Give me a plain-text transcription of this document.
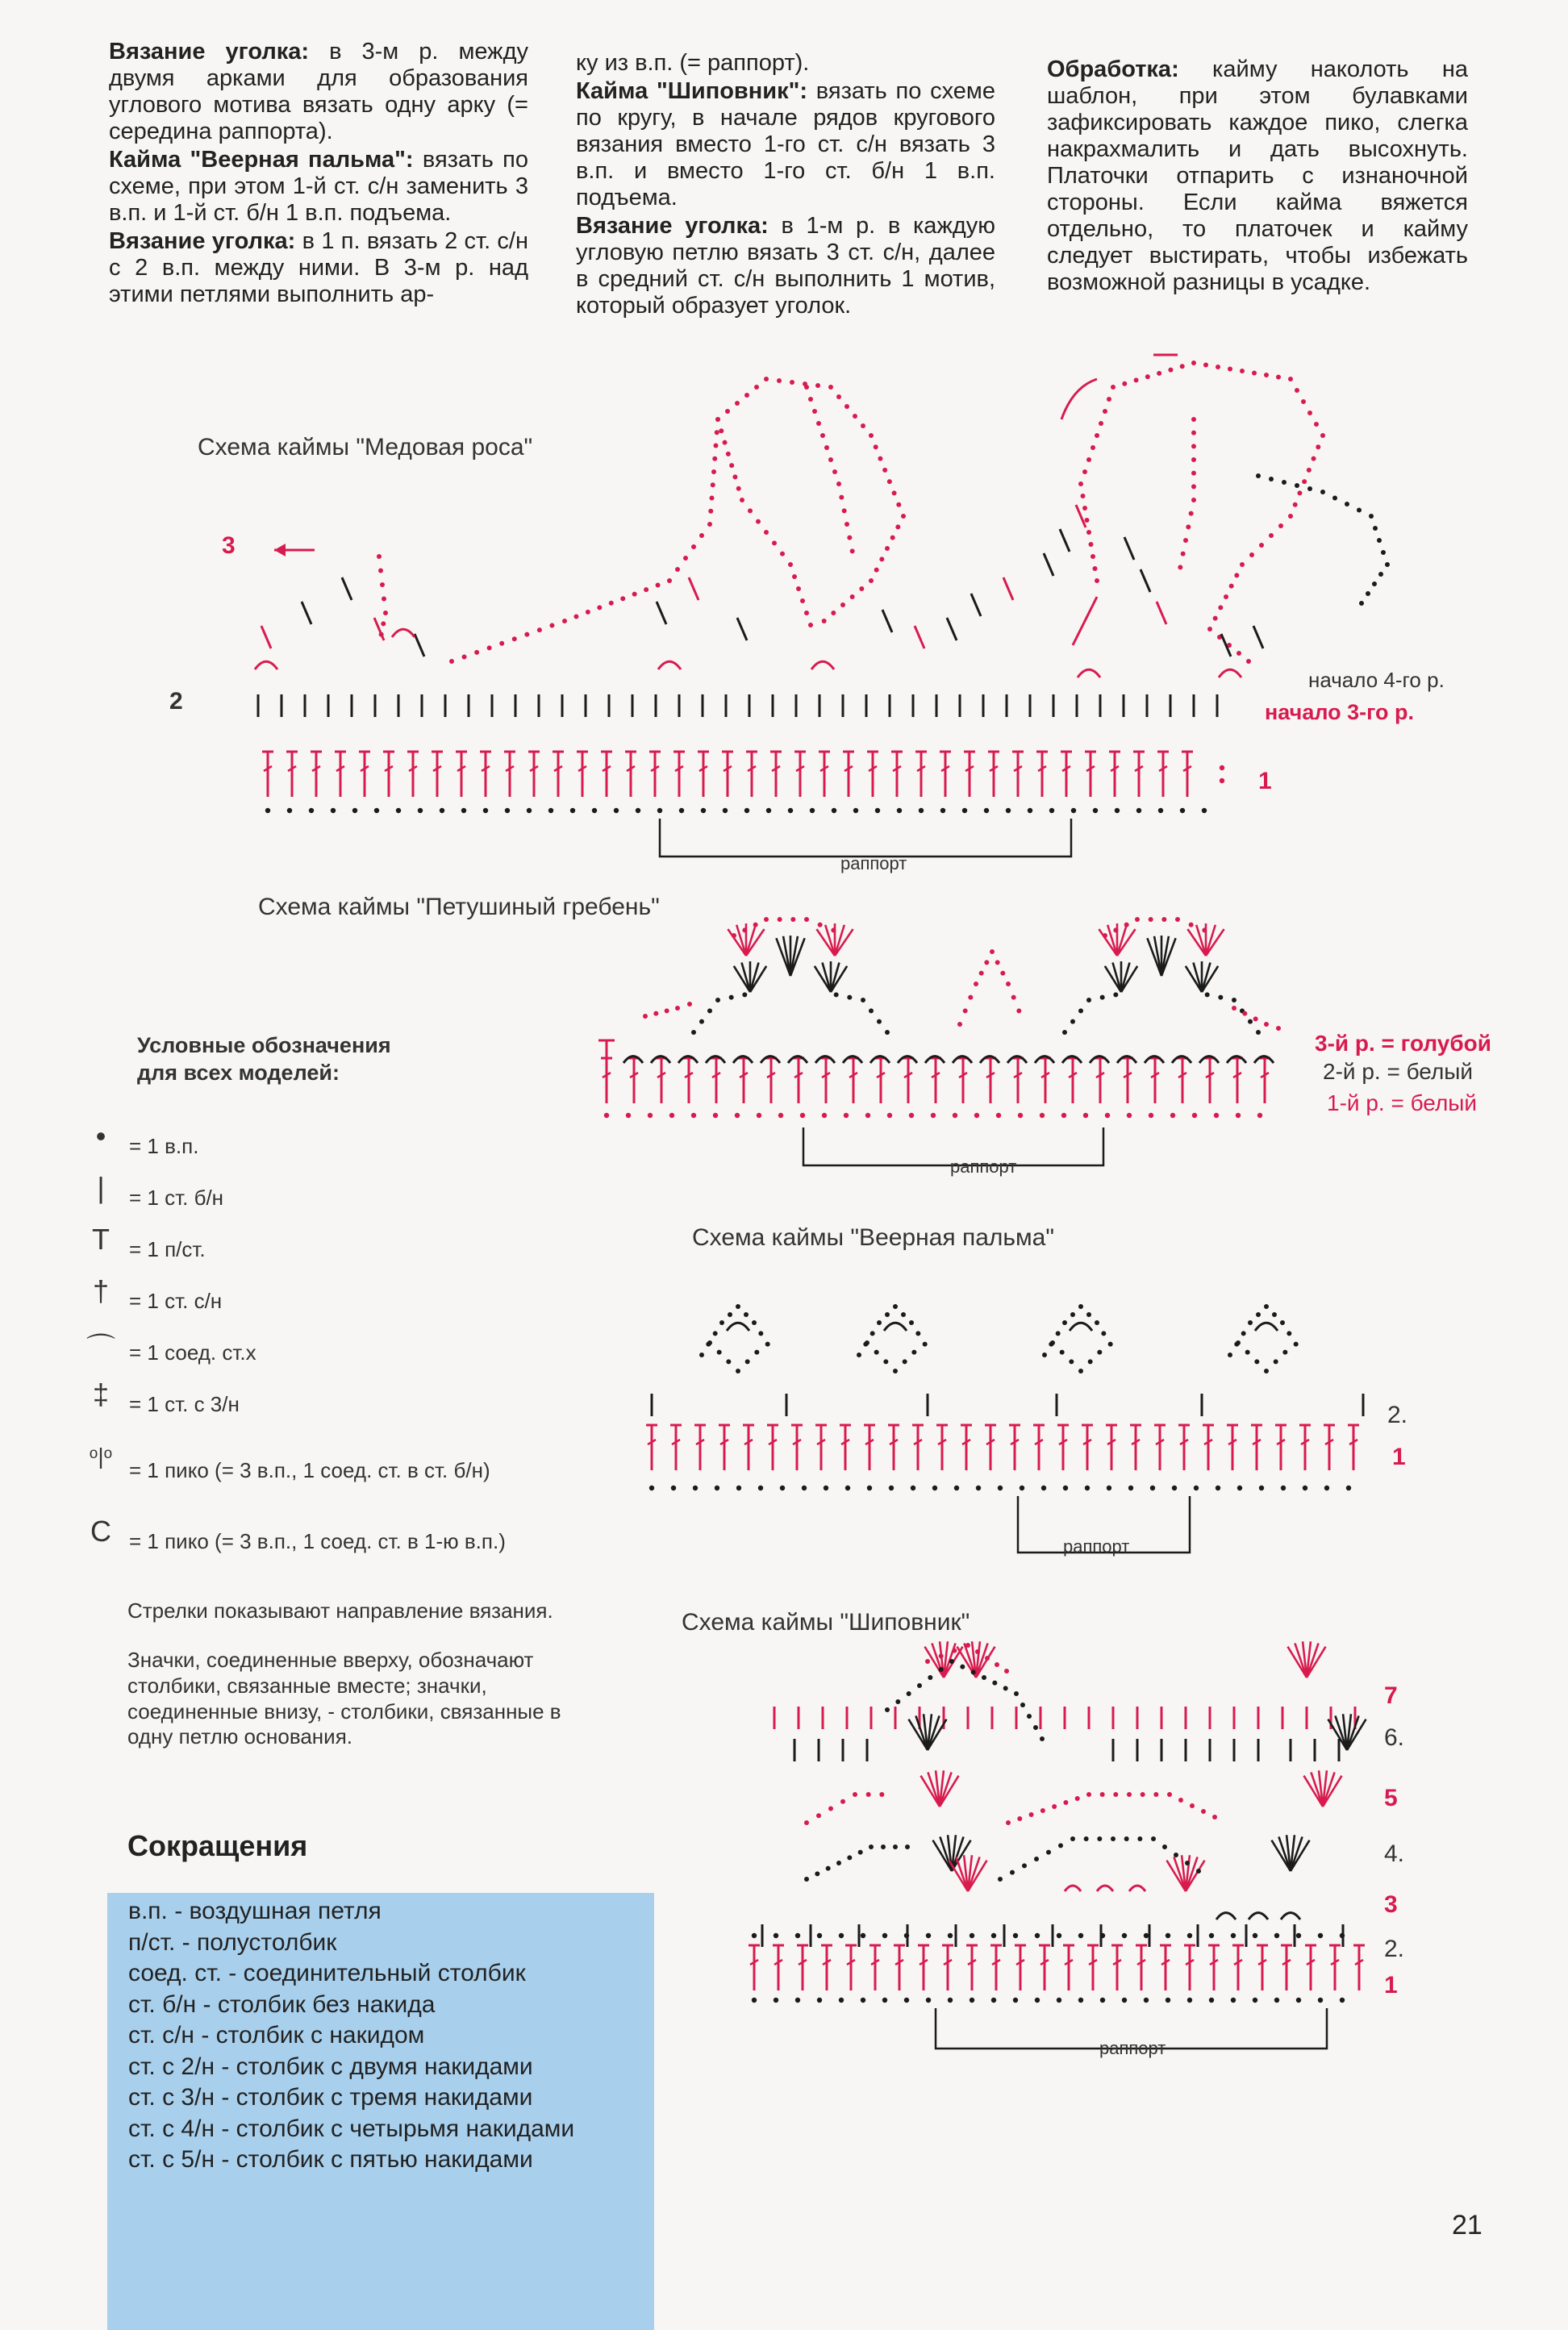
Вязание уголка: в 3-м р. между двумя арками для образования углового мотива вязать одну арку (= середина раппорта).

Кайма "Веерная пальма": вязать по схеме, при этом 1-й ст. с/н заменить 3 в.п. и 1-й ст. б/н 1 в.п. подъема.

Вязание уголка: в 1 п. вязать 2 ст. с/н с 2 в.п. между ними. В 3-м р. над этими петлями выполнить ар-

ку из в.п. (= раппорт).

Кайма "Шиповник": вязать по схеме по кругу, в начале рядов кругового вязания вместо 1-го ст. с/н вязать 3 в.п. и вместо 1-го ст. б/н 1 в.п. подъема.

Вязание уголка: в 1-м р. в каждую угловую петлю вязать 3 ст. с/н, далее в средний ст. с/н выполнить 1 мотив, который образует уголок.

Обработка: кайму наколоть на шаблон, при этом булавками зафиксировать каждое пико, слегка накрахмалить и дать высохнуть. Платочки отпарить с изнаночной стороны. Если кайма вяжется отдельно, то платочек и кайму следует выстирать, чтобы избежать возможной разницы в усадке.

Схема каймы "Медовая роса"
Схема каймы "Петушиный гребень"
Схема каймы "Веерная пальма"
Схема каймы "Шиповник"
3
2
1
начало 4-го р.
начало 3-го р.
раппорт
3-й р. = голубой
2-й р. = белый
1-й р. = белый
раппорт
2.
1
раппорт
7
6.
5
4.
3
2.
1
раппорт
Условные обозначения
для всех моделей:
•	= 1 в.п.
|	= 1 ст. б/н
T = 1 п/ст.
† = 1 ст. с/н
⌒ = 1 соед. ст.х
‡ = 1 ст. с 3/н
ᵒ|ᵒ
= 1 пико (= 3 в.п., 1 соед. ст. в ст. б/н)
C = 1 пико (= 3 в.п., 1 соед. ст. в 1-ю в.п.)
Стрелки показывают направление вязания.
Значки, соединенные вверху, обозначают столбики, связанные вместе; значки, соединенные внизу, - столбики, связанные в одну петлю основания.
Сокращения
в.п. - воздушная петля
п/ст. - полустолбик
соед. ст. - соединительный столбик
ст. б/н - столбик без накида
ст. с/н - столбик с накидом
ст. с 2/н - столбик с двумя накидами
ст. с 3/н - столбик с тремя накидами
ст. с 4/н - столбик с четырьмя накидами
ст. с 5/н - столбик с пятью накидами
21
